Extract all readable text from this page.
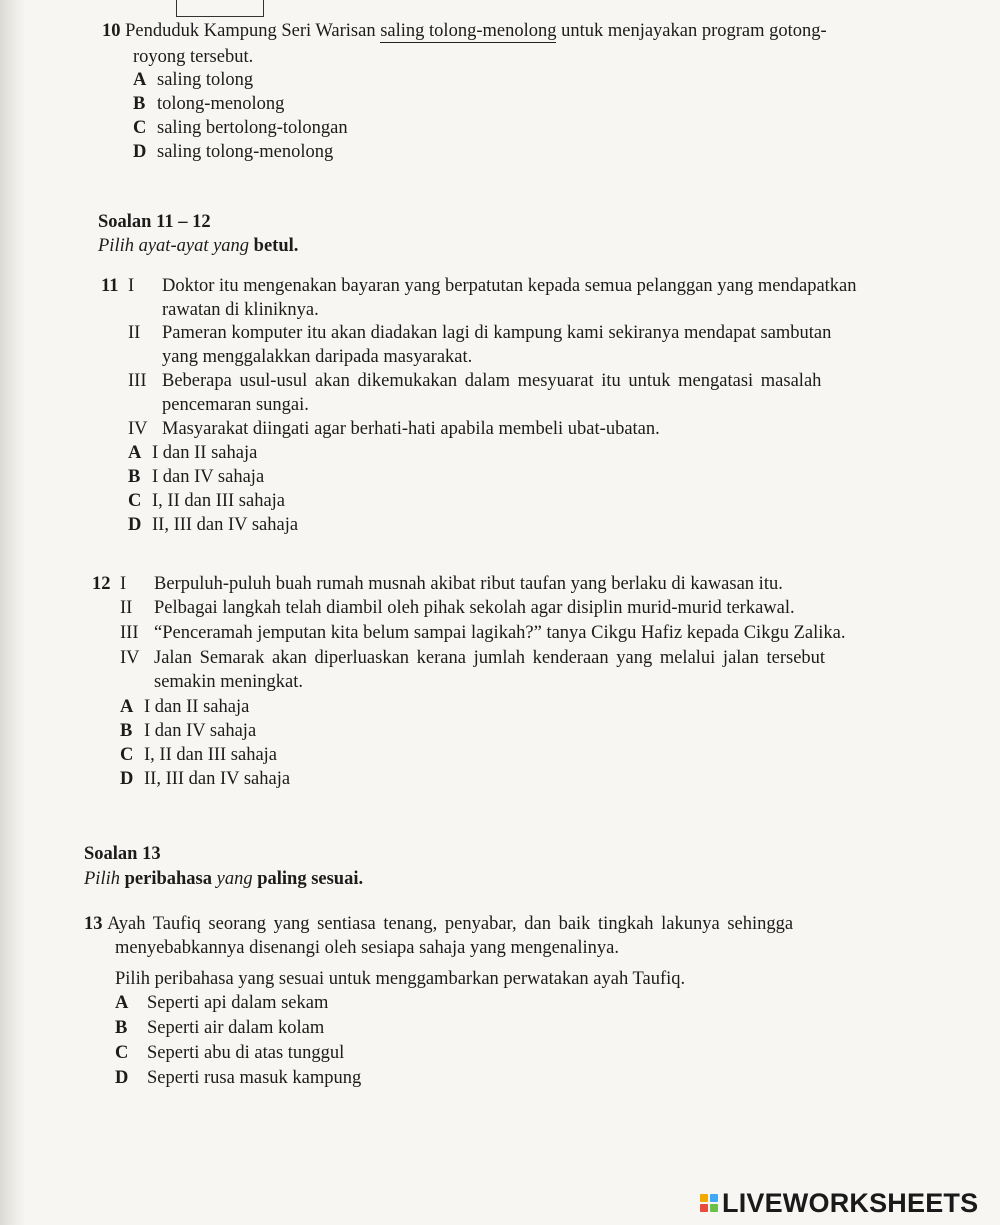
10 Penduduk Kampung Seri Warisan saling tolong-menolong untuk menjayakan program gotong-
royong tersebut.
A saling tolong
B tolong-menolong
C saling bertolong-tolongan
D saling tolong-menolong
Soalan 11 – 12
Pilih ayat-ayat yang betul.
11 I Doktor itu mengenakan bayaran yang berpatutan kepada semua pelanggan yang mendapatkan
rawatan di kliniknya.
II Pameran komputer itu akan diadakan lagi di kampung kami sekiranya mendapat sambutan
yang menggalakkan daripada masyarakat.
III Beberapa usul-usul akan dikemukakan dalam mesyuarat itu untuk mengatasi masalah
pencemaran sungai.
IV Masyarakat diingati agar berhati-hati apabila membeli ubat-ubatan.
A I dan II sahaja
B I dan IV sahaja
C I, II dan III sahaja
D II, III dan IV sahaja
12 I Berpuluh-puluh buah rumah musnah akibat ribut taufan yang berlaku di kawasan itu.
II Pelbagai langkah telah diambil oleh pihak sekolah agar disiplin murid-murid terkawal.
III “Penceramah jemputan kita belum sampai lagikah?” tanya Cikgu Hafiz kepada Cikgu Zalika.
IV Jalan Semarak akan diperluaskan kerana jumlah kenderaan yang melalui jalan tersebut
semakin meningkat.
A I dan II sahaja
B I dan IV sahaja
C I, II dan III sahaja
D II, III dan IV sahaja
Soalan 13
Pilih peribahasa yang paling sesuai.
13 Ayah Taufiq seorang yang sentiasa tenang, penyabar, dan baik tingkah lakunya sehingga
menyebabkannya disenangi oleh sesiapa sahaja yang mengenalinya.
Pilih peribahasa yang sesuai untuk menggambarkan perwatakan ayah Taufiq.
A Seperti api dalam sekam
B Seperti air dalam kolam
C Seperti abu di atas tunggul
D Seperti rusa masuk kampung
LIVEWORKSHEETS
